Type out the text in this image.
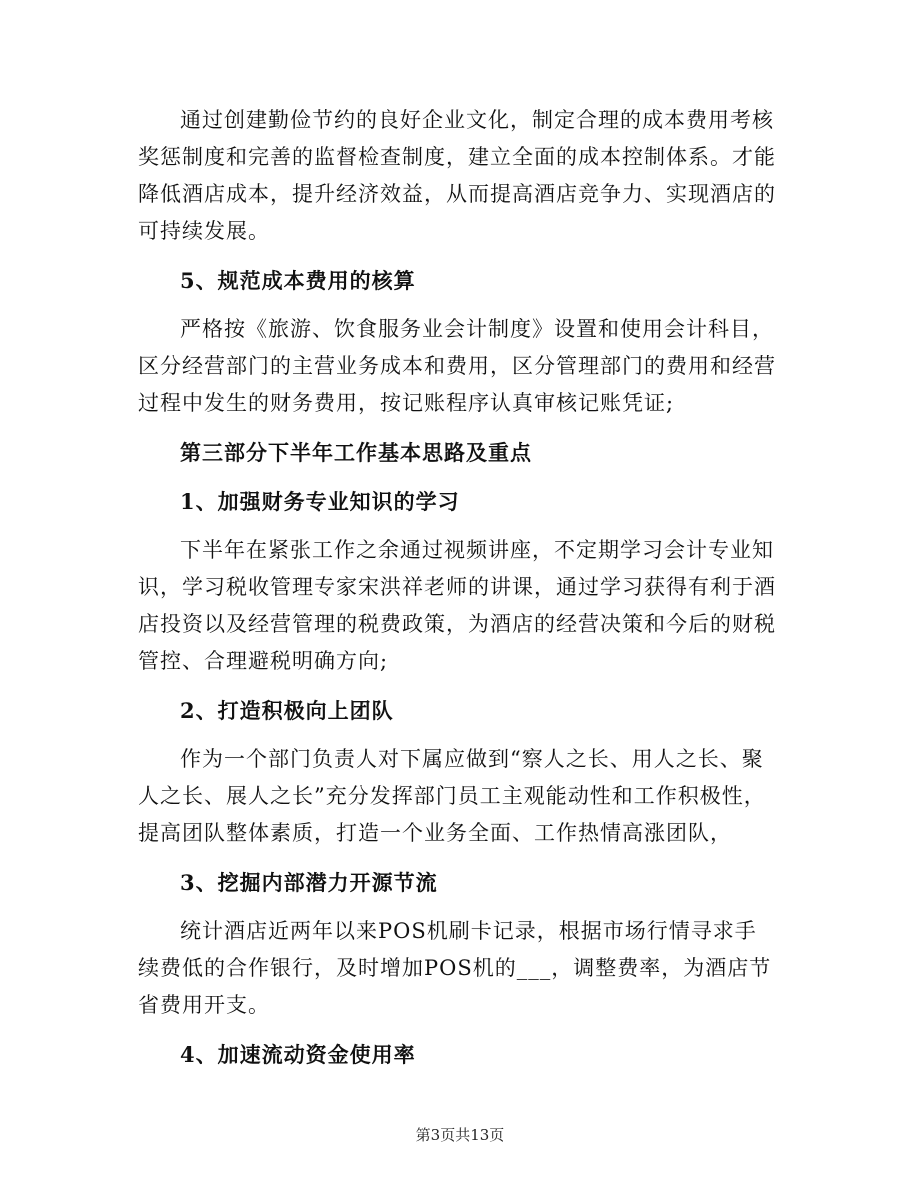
通过创建勤俭节约的良好企业文化，制定合理的成本费用考核奖惩制度和完善的监督检查制度，建立全面的成本控制体系。才能降低酒店成本，提升经济效益，从而提高酒店竞争力、实现酒店的可持续发展。

5、规范成本费用的核算

严格按《旅游、饮食服务业会计制度》设置和使用会计科目，区分经营部门的主营业务成本和费用，区分管理部门的费用和经营过程中发生的财务费用，按记账程序认真审核记账凭证;

第三部分下半年工作基本思路及重点

1、加强财务专业知识的学习

下半年在紧张工作之余通过视频讲座，不定期学习会计专业知识，学习税收管理专家宋洪祥老师的讲课，通过学习获得有利于酒店投资以及经营管理的税费政策，为酒店的经营决策和今后的财税管控、合理避税明确方向;

2、打造积极向上团队

作为一个部门负责人对下属应做到“察人之长、用人之长、聚人之长、展人之长”充分发挥部门员工主观能动性和工作积极性，提高团队整体素质，打造一个业务全面、工作热情高涨团队，

3、挖掘内部潜力开源节流

统计酒店近两年以来POS机刷卡记录，根据市场行情寻求手续费低的合作银行，及时增加POS机的___，调整费率，为酒店节省费用开支。

4、加速流动资金使用率

第3页共13页
